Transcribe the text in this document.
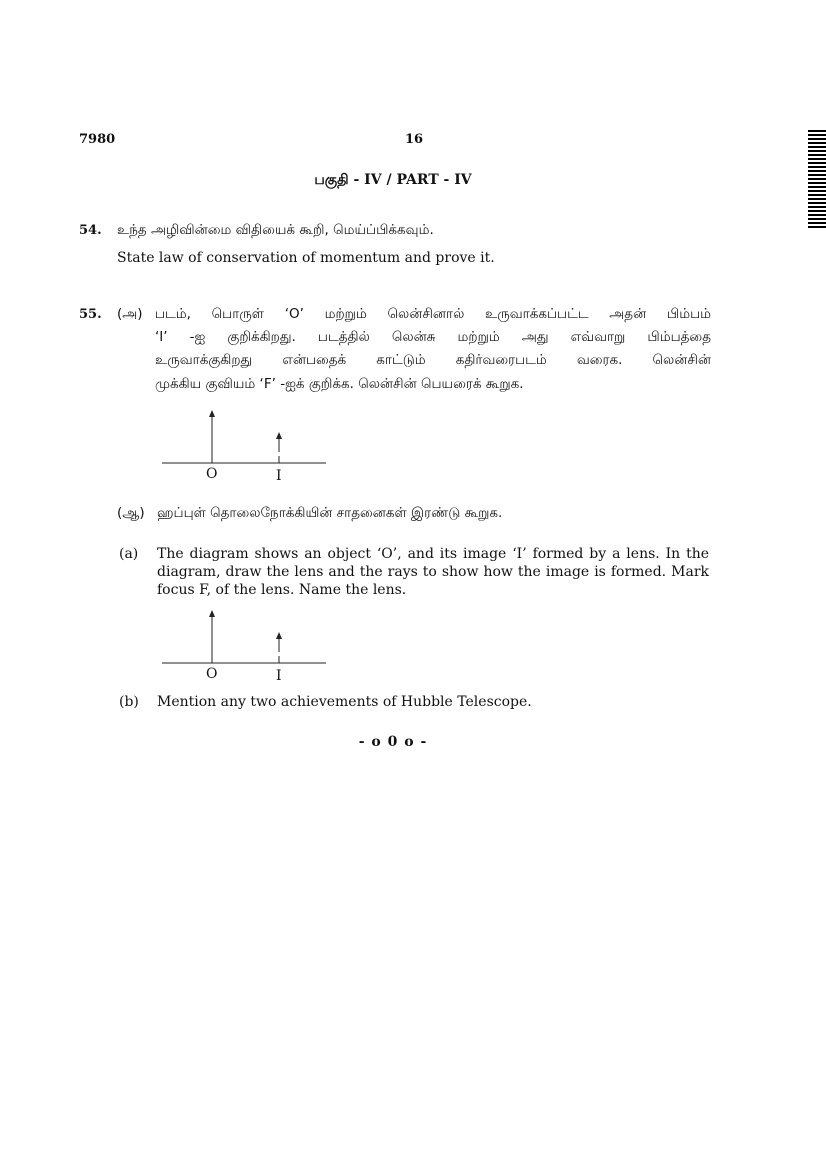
7980	16
பகுதி - IV / PART - IV
54. உந்த அழிவின்மை விதியைக் கூறி, மெய்ப்பிக்கவும்.
State law of conservation of momentum and prove it.
55. (அ) படம், பொருள் ‘O’ மற்றும் லென்சினால் உருவாக்கப்பட்ட அதன் பிம்பம்
‘I’ -ஐ குறிக்கிறது. படத்தில் லென்சு மற்றும் அது எவ்வாறு பிம்பத்தை
உருவாக்குகிறது என்பதைக் காட்டும் கதிர்வரைபடம் வரைக. லென்சின்
முக்கிய குவியம் ‘F’ -ஐக் குறிக்க. லென்சின் பெயரைக் கூறுக.
O	I
(ஆ) ஹப்புள் தொலைநோக்கியின் சாதனைகள் இரண்டு கூறுக.
(a) The diagram shows an object ‘O’, and its image ‘I’ formed by a lens. In the
diagram, draw the lens and the rays to show how the image is formed. Mark
focus F, of the lens. Name the lens.
O	I
(b) Mention any two achievements of Hubble Telescope.
- o 0 o -
